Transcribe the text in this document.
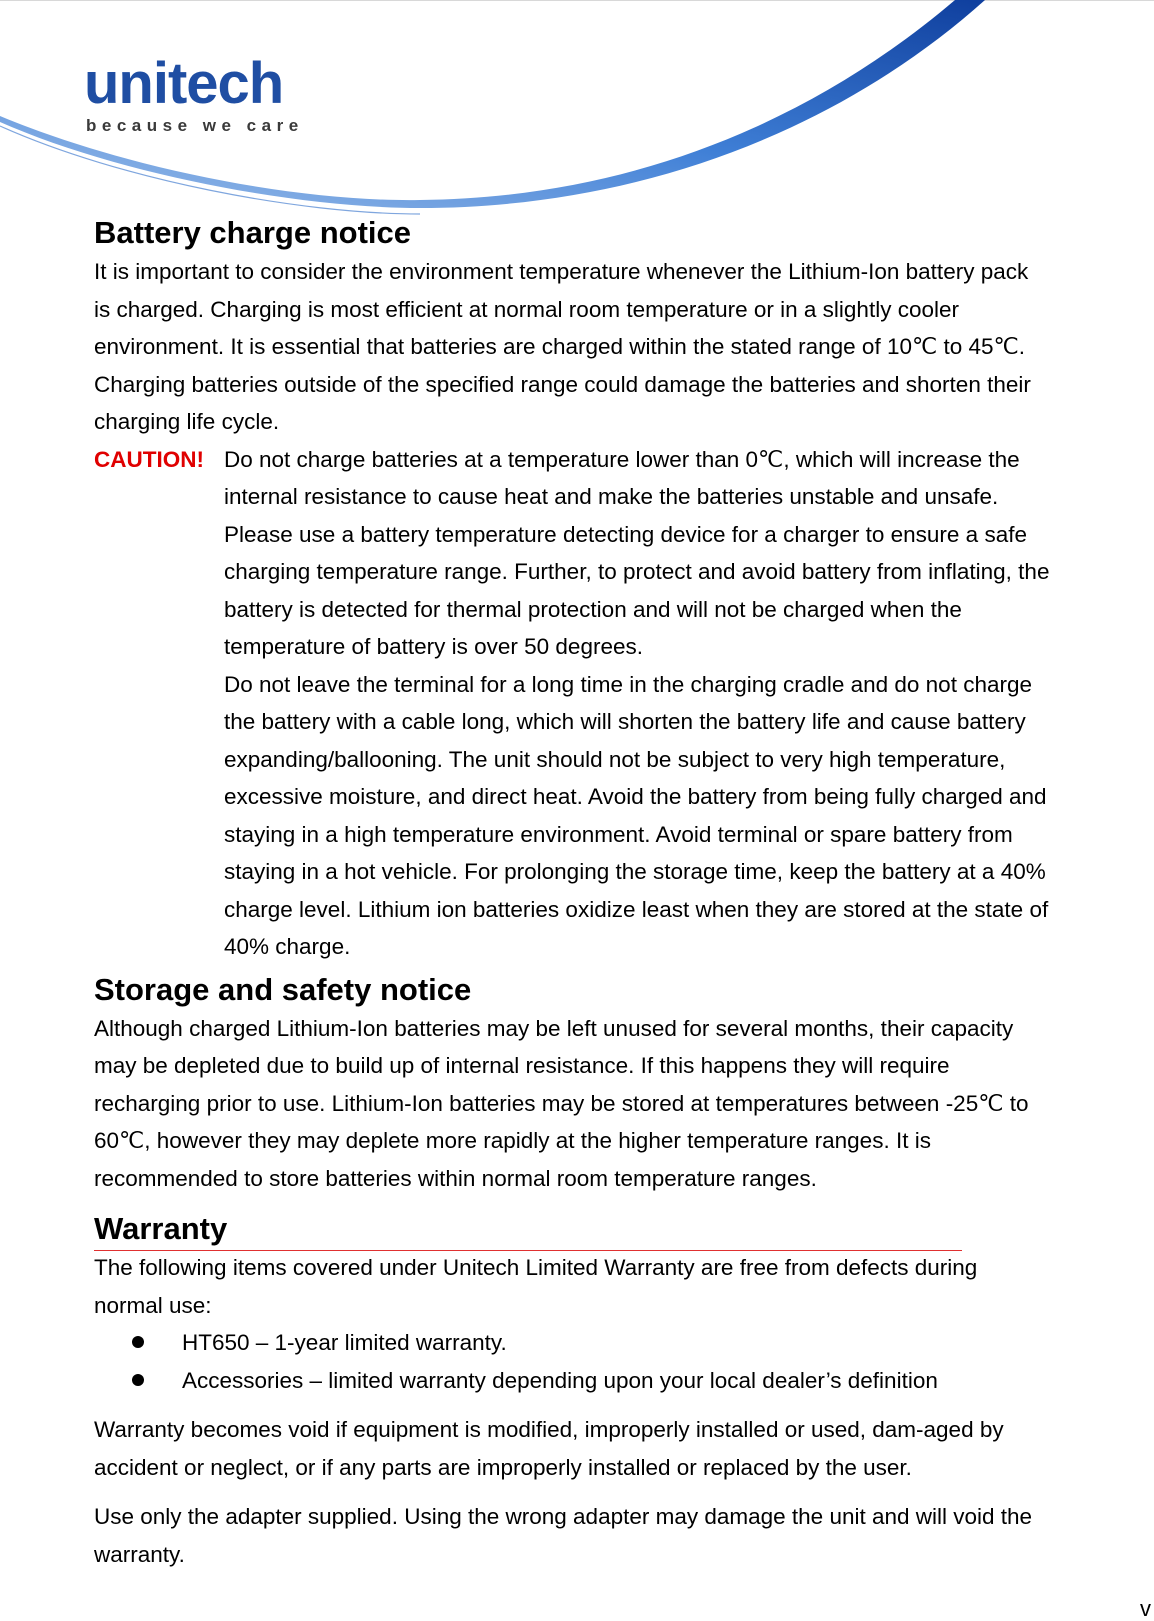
unitech
because we care
Battery charge notice

It is important to consider the environment temperature whenever the Lithium-Ion battery pack

is charged. Charging is most efficient at normal room temperature or in a slightly cooler

environment. It is essential that batteries are charged within the stated range of 10℃ to 45℃.

Charging batteries outside of the specified range could damage the batteries and shorten their

charging life cycle.

CAUTION! Do not charge batteries at a temperature lower than 0℃, which will increase the

internal resistance to cause heat and make the batteries unstable and unsafe.

Please use a battery temperature detecting device for a charger to ensure a safe

charging temperature range. Further, to protect and avoid battery from inflating, the

battery is detected for thermal protection and will not be charged when the

temperature of battery is over 50 degrees.

Do not leave the terminal for a long time in the charging cradle and do not charge

the battery with a cable long, which will shorten the battery life and cause battery

expanding/ballooning. The unit should not be subject to very high temperature,

excessive moisture, and direct heat. Avoid the battery from being fully charged and

staying in a high temperature environment. Avoid terminal or spare battery from

staying in a hot vehicle. For prolonging the storage time, keep the battery at a 40%

charge level. Lithium ion batteries oxidize least when they are stored at the state of

40% charge.

Storage and safety notice

Although charged Lithium-Ion batteries may be left unused for several months, their capacity

may be depleted due to build up of internal resistance. If this happens they will require

recharging prior to use. Lithium-Ion batteries may be stored at temperatures between -25℃ to

60℃, however they may deplete more rapidly at the higher temperature ranges. It is

recommended to store batteries within normal room temperature ranges.

Warranty

The following items covered under Unitech Limited Warranty are free from defects during

normal use:

HT650 – 1-year limited warranty.
Accessories – limited warranty depending upon your local dealer’s definition

Warranty becomes void if equipment is modified, improperly installed or used, dam-aged by

accident or neglect, or if any parts are improperly installed or replaced by the user.

Use only the adapter supplied. Using the wrong adapter may damage the unit and will void the

warranty.

v
